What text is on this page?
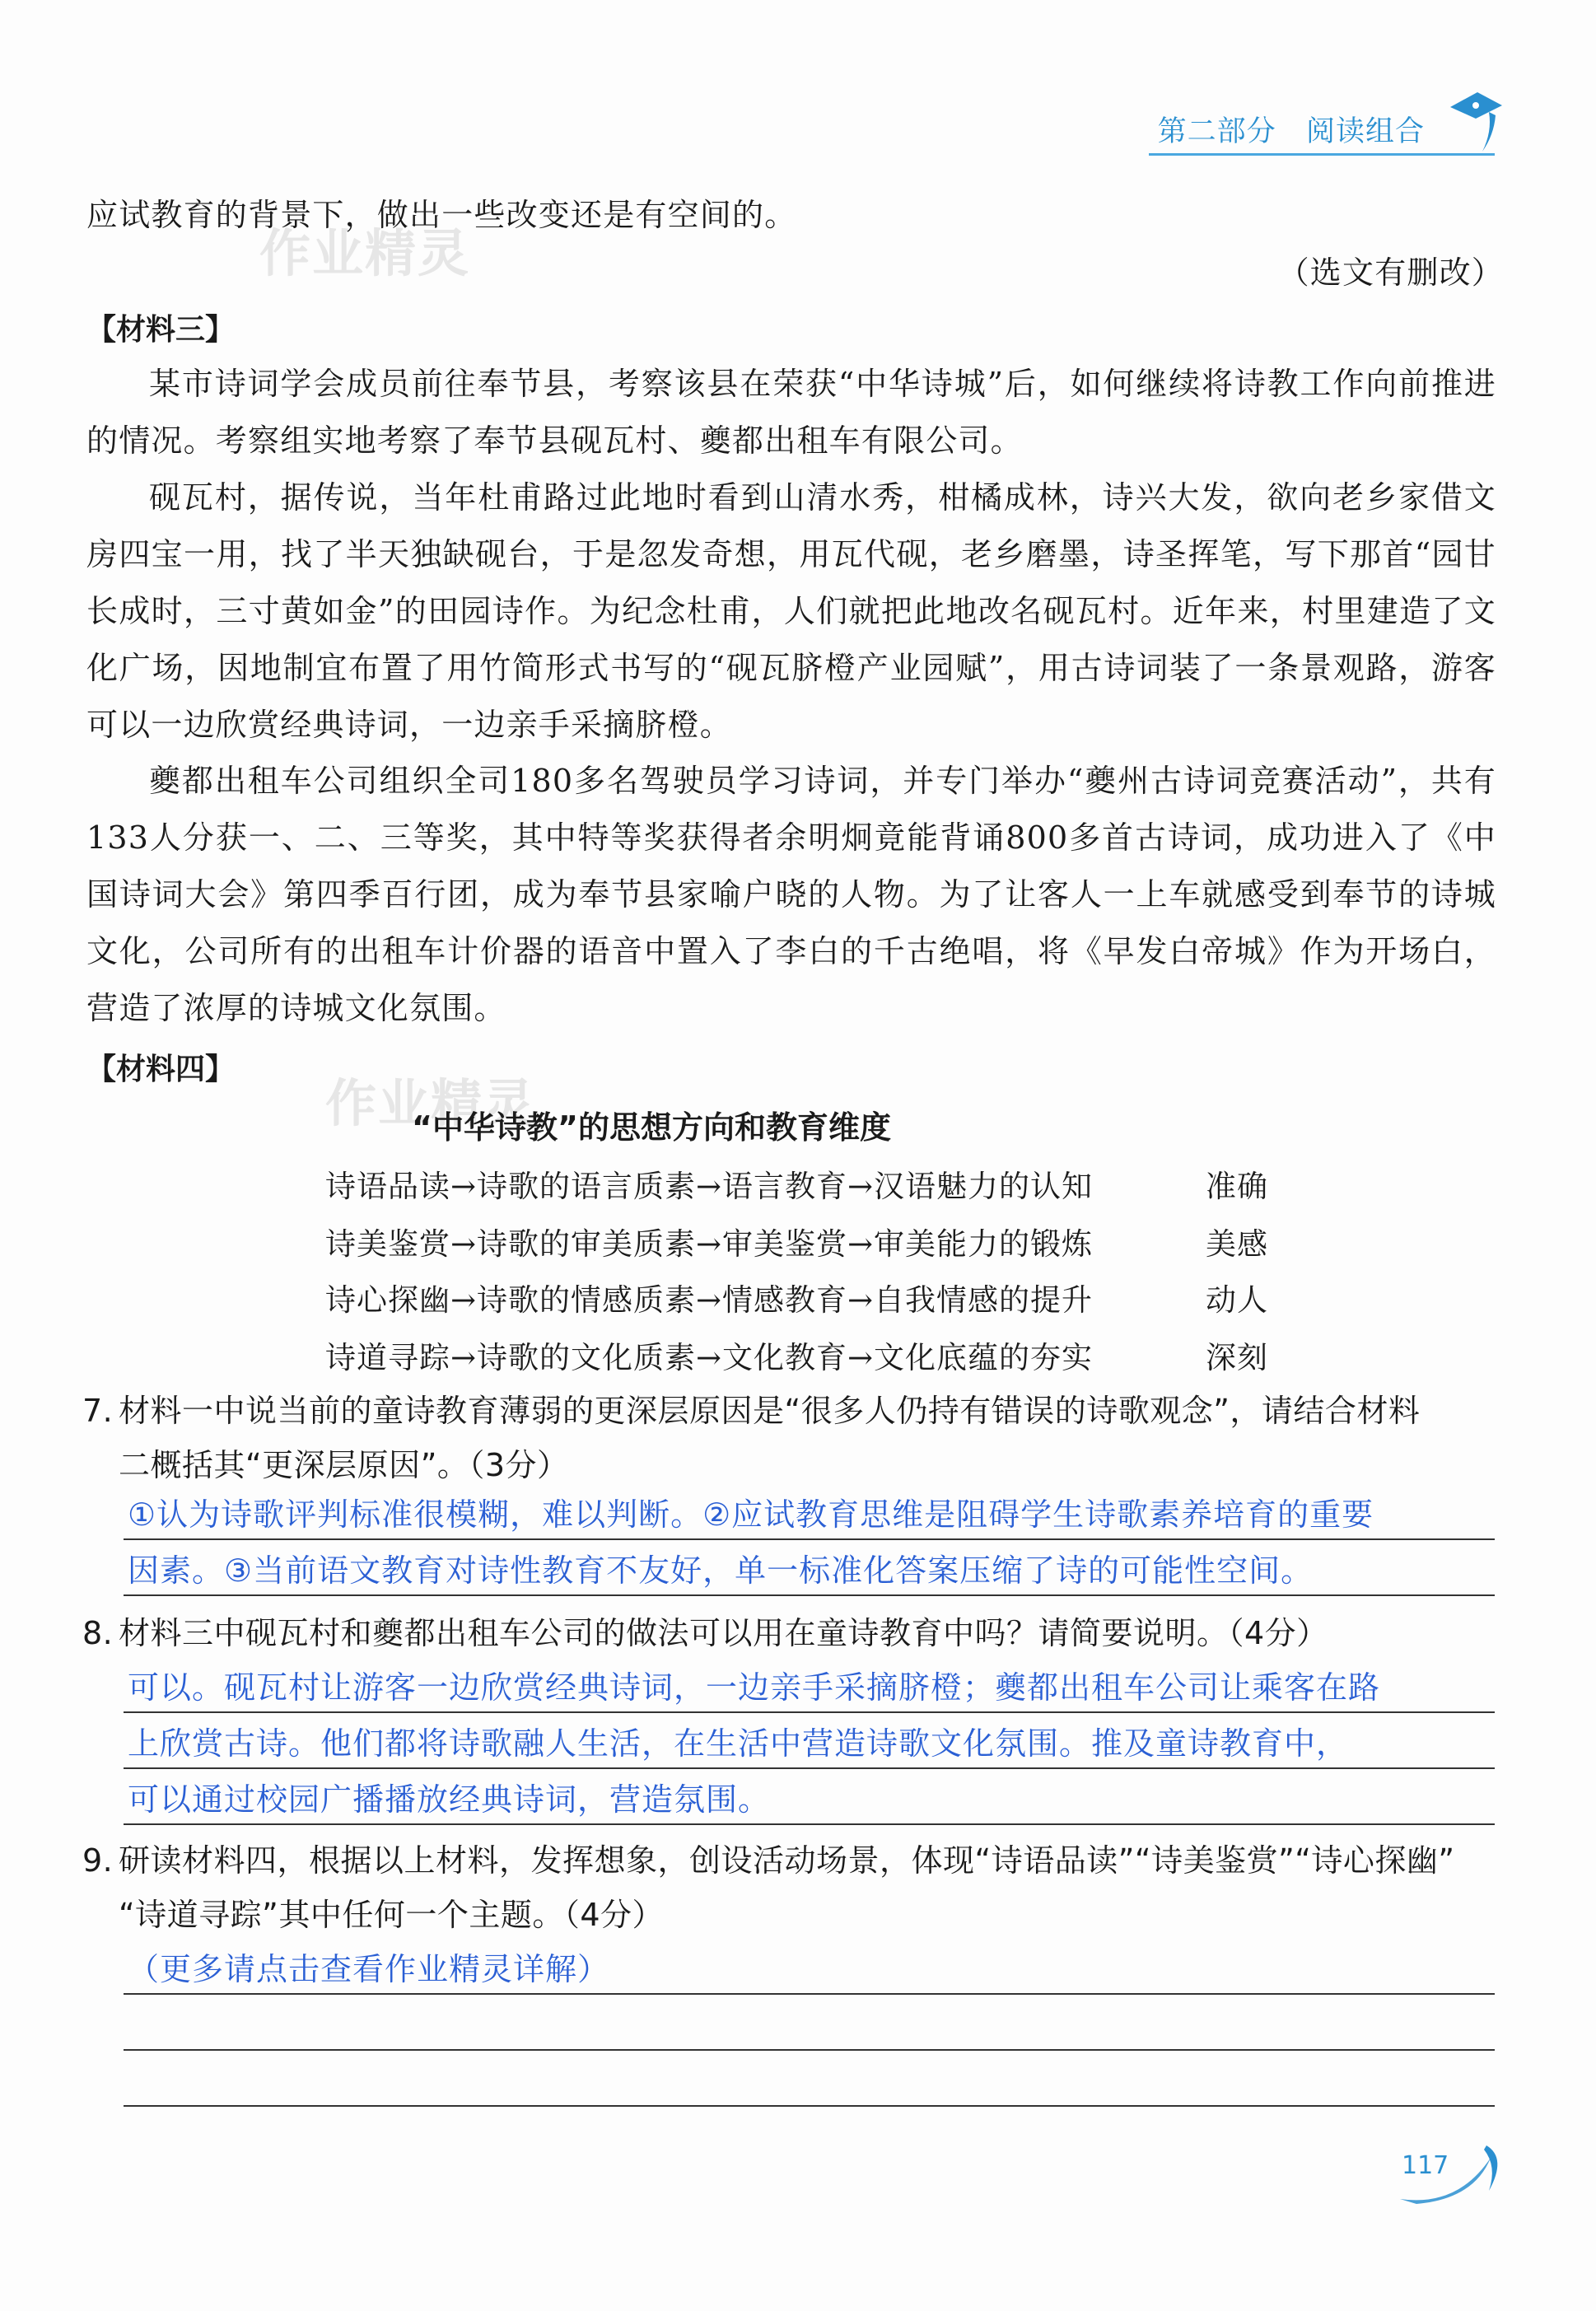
第二部分 阅读组合
应试教育的背景下，做出一些改变还是有空间的。
（选文有删改）
作业精灵
作业精灵
【材料三】
某市诗词学会成员前往奉节县，考察该县在荣获“中华诗城”后，如何继续将诗教工作向前推进的情况。考察组实地考察了奉节县砚瓦村、夔都出租车有限公司。
砚瓦村，据传说，当年杜甫路过此地时看到山清水秀，柑橘成林，诗兴大发，欲向老乡家借文房四宝一用，找了半天独缺砚台，于是忽发奇想，用瓦代砚，老乡磨墨，诗圣挥笔，写下那首“园甘长成时，三寸黄如金”的田园诗作。为纪念杜甫，人们就把此地改名砚瓦村。近年来，村里建造了文化广场，因地制宜布置了用竹简形式书写的“砚瓦脐橙产业园赋”，用古诗词装了一条景观路，游客可以一边欣赏经典诗词，一边亲手采摘脐橙。
夔都出租车公司组织全司180多名驾驶员学习诗词，并专门举办“夔州古诗词竞赛活动”，共有133人分获一、二、三等奖，其中特等奖获得者余明炯竟能背诵800多首古诗词，成功进入了《中国诗词大会》第四季百行团，成为奉节县家喻户晓的人物。为了让客人一上车就感受到奉节的诗城文化，公司所有的出租车计价器的语音中置入了李白的千古绝唱，将《早发白帝城》作为开场白，营造了浓厚的诗城文化氛围。
【材料四】
“中华诗教”的思想方向和教育维度
诗语品读→诗歌的语言质素→语言教育→汉语魅力的认知	准确
诗美鉴赏→诗歌的审美质素→审美鉴赏→审美能力的锻炼	美感
诗心探幽→诗歌的情感质素→情感教育→自我情感的提升	动人
诗道寻踪→诗歌的文化质素→文化教育→文化底蕴的夯实	深刻
7. 材料一中说当前的童诗教育薄弱的更深层原因是“很多人仍持有错误的诗歌观念”，请结合材料
二概括其“更深层原因”。（3分）
①认为诗歌评判标准很模糊，难以判断。②应试教育思维是阻碍学生诗歌素养培育的重要
因素。③当前语文教育对诗性教育不友好，单一标准化答案压缩了诗的可能性空间。
8. 材料三中砚瓦村和夔都出租车公司的做法可以用在童诗教育中吗？请简要说明。（4分）
可以。砚瓦村让游客一边欣赏经典诗词，一边亲手采摘脐橙；夔都出租车公司让乘客在路
上欣赏古诗。他们都将诗歌融人生活，在生活中营造诗歌文化氛围。推及童诗教育中，
可以通过校园广播播放经典诗词，营造氛围。
9. 研读材料四，根据以上材料，发挥想象，创设活动场景，体现“诗语品读”“诗美鉴赏”“诗心探幽”
“诗道寻踪”其中任何一个主题。（4分）
（更多请点击查看作业精灵详解）
117
